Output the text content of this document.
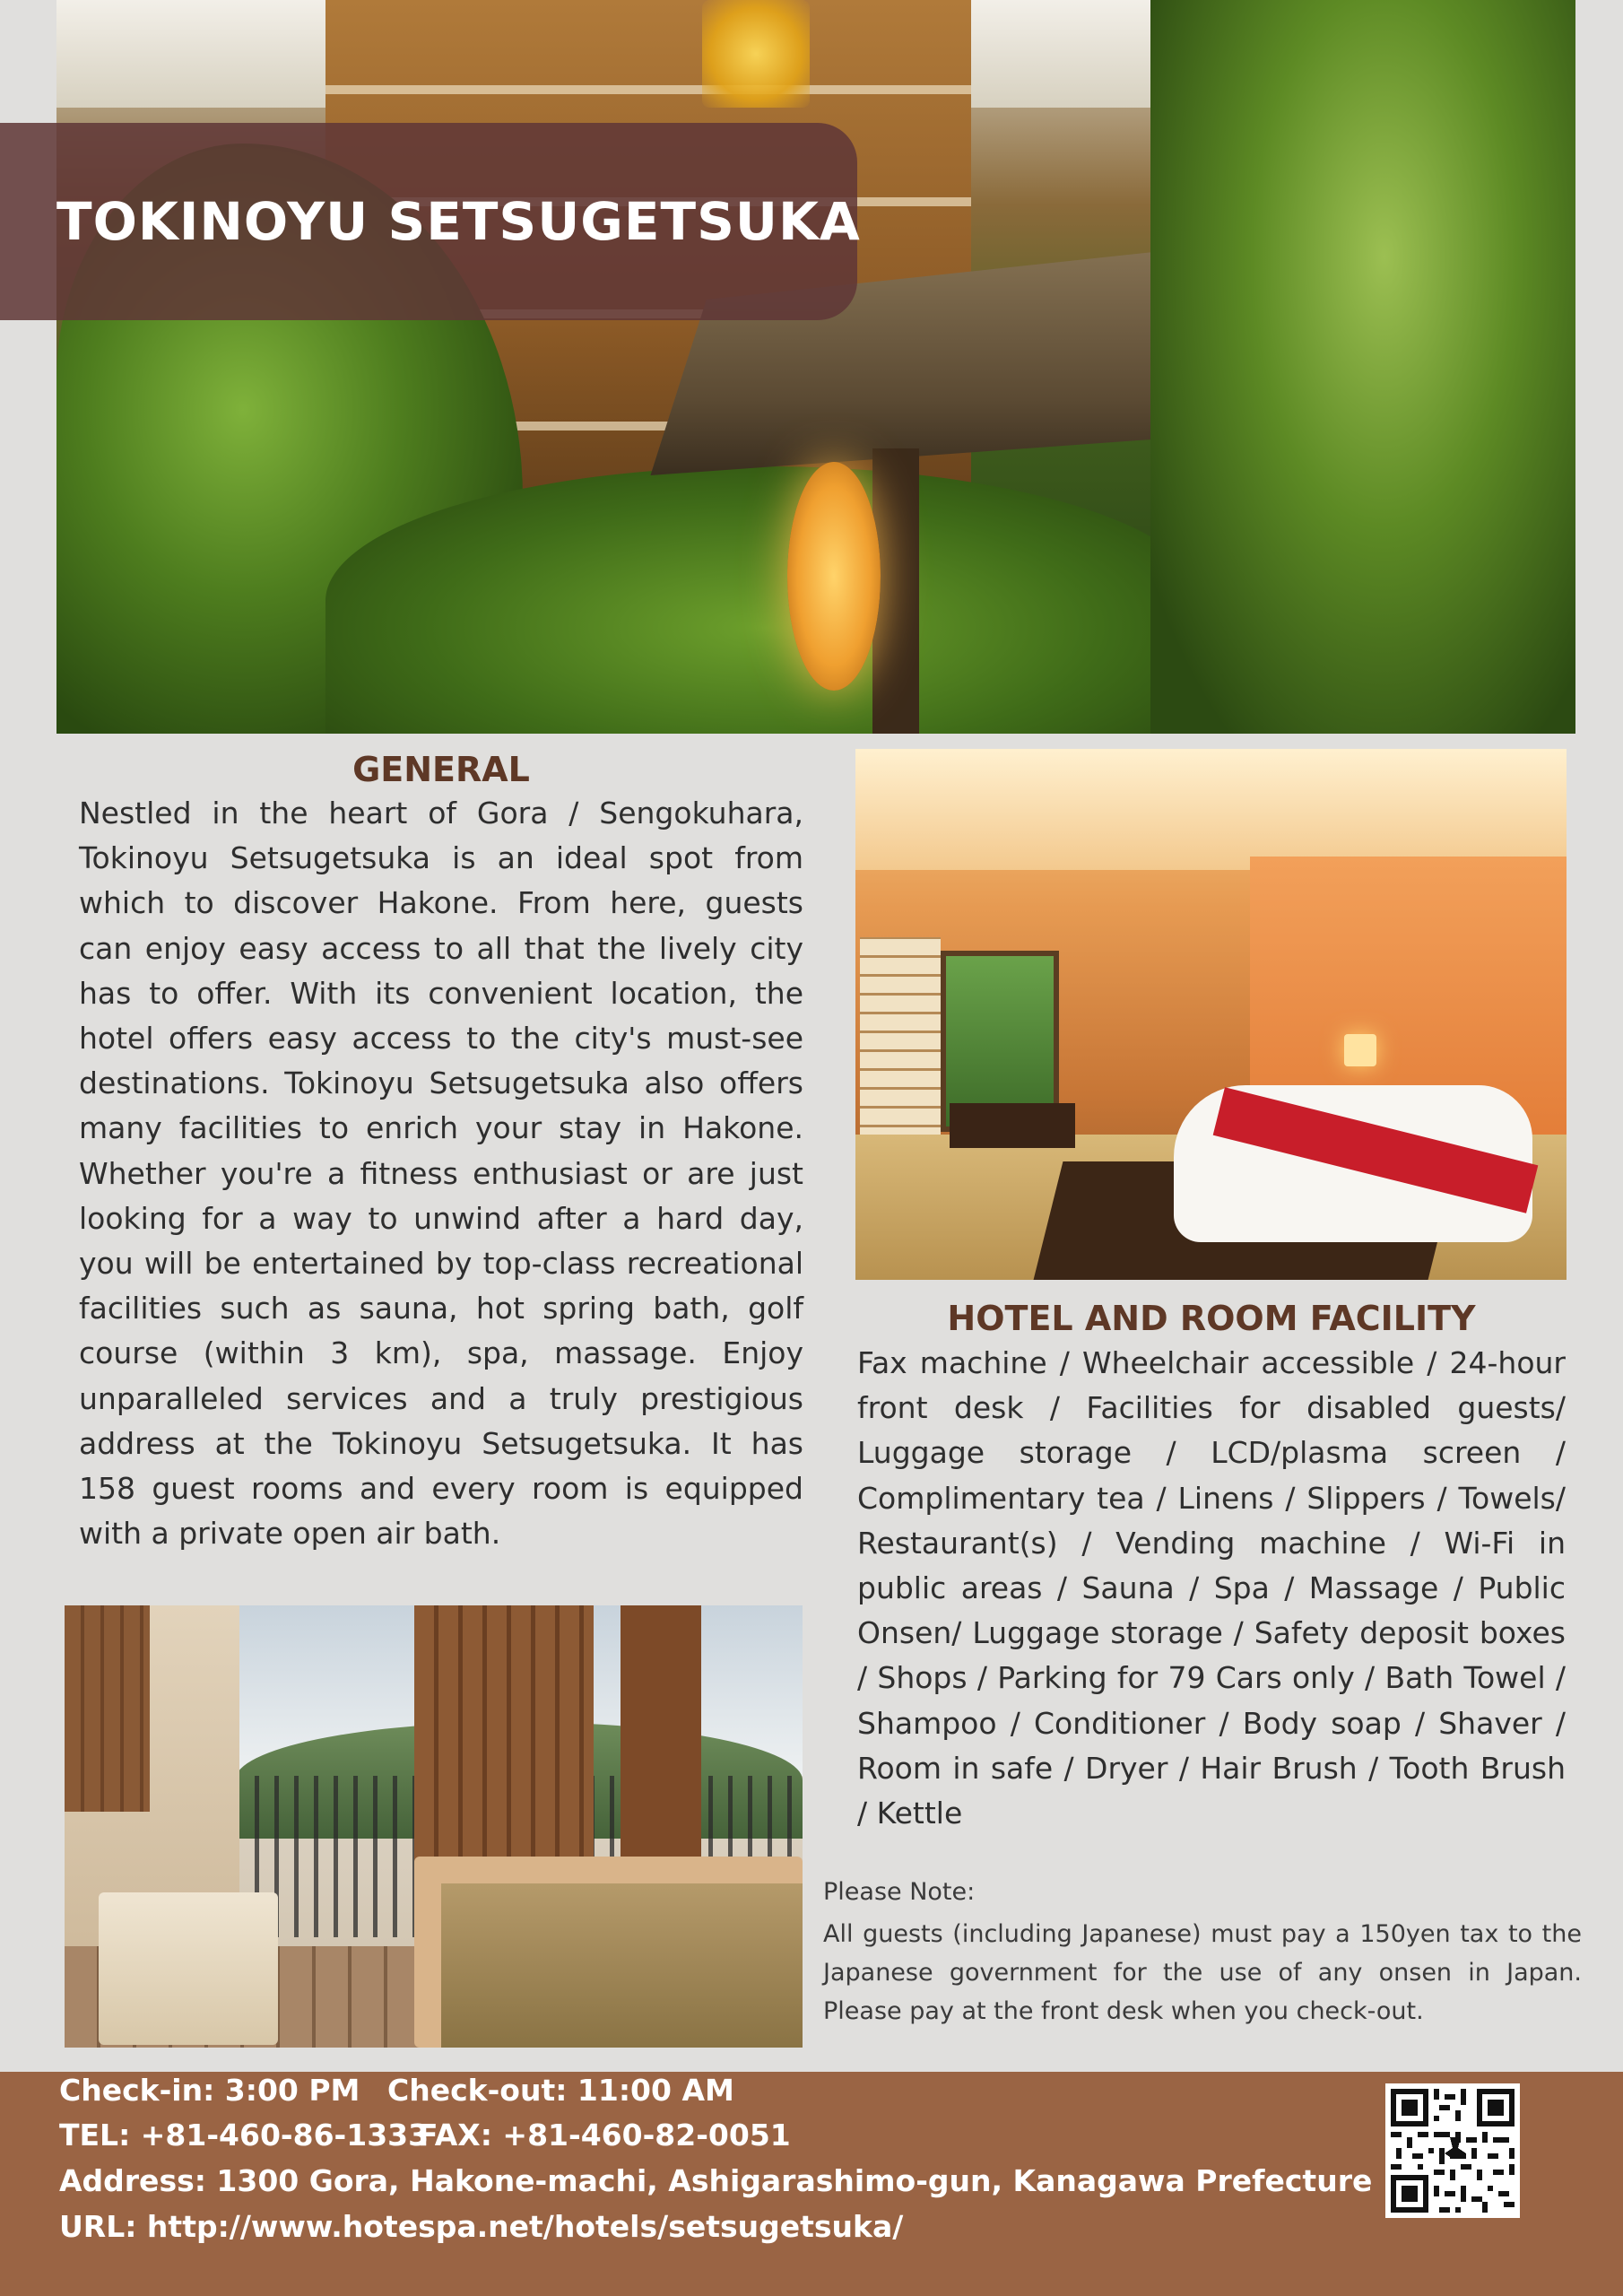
TOKINOYU SETSUGETSUKA
GENERAL

Nestled in the heart of Gora / Sengokuhara, Tokinoyu Setsugetsuka is an ideal spot from which to discover Hakone. From here, guests can enjoy easy access to all that the lively city has to offer. With its convenient location, the hotel offers easy access to the city's must-see destinations. Tokinoyu Setsugetsuka also offers many facilities to enrich your stay in Hakone. Whether you're a fitness enthusiast or are just looking for a way to unwind after a hard day, you will be entertained by top-class recreational facilities such as sauna, hot spring bath, golf course (within 3 km), spa, massage. Enjoy unparalleled services and a truly prestigious address at the Tokinoyu Setsugetsuka. It has 158 guest rooms and every room is equipped with a private open air bath.

HOTEL AND ROOM FACILITY

Fax machine / Wheelchair accessible / 24-hour front desk / Facilities for disabled guests/ Luggage storage / LCD/plasma screen / Complimentary tea / Linens / Slippers / Towels/ Restaurant(s) / Vending machine / Wi-Fi in public areas / Sauna / Spa / Massage / Public Onsen/ Luggage storage / Safety deposit boxes / Shops / Parking for 79 Cars only / Bath Towel / Shampoo / Conditioner / Body soap / Shaver / Room in safe / Dryer / Hair Brush / Tooth Brush / Kettle

Please Note:

All guests (including Japanese) must pay a 150yen tax to the Japanese government for the use of any onsen in Japan. Please pay at the front desk when you check-out.

Check-in: 3:00 PM Check-out: 11:00 AM
TEL: +81-460-86-1333
FAX: +81-460-82-0051
Address: 1300 Gora, Hakone-machi, Ashigarashimo-gun, Kanagawa Prefecture
URL: http://www.hotespa.net/hotels/setsugetsuka/
